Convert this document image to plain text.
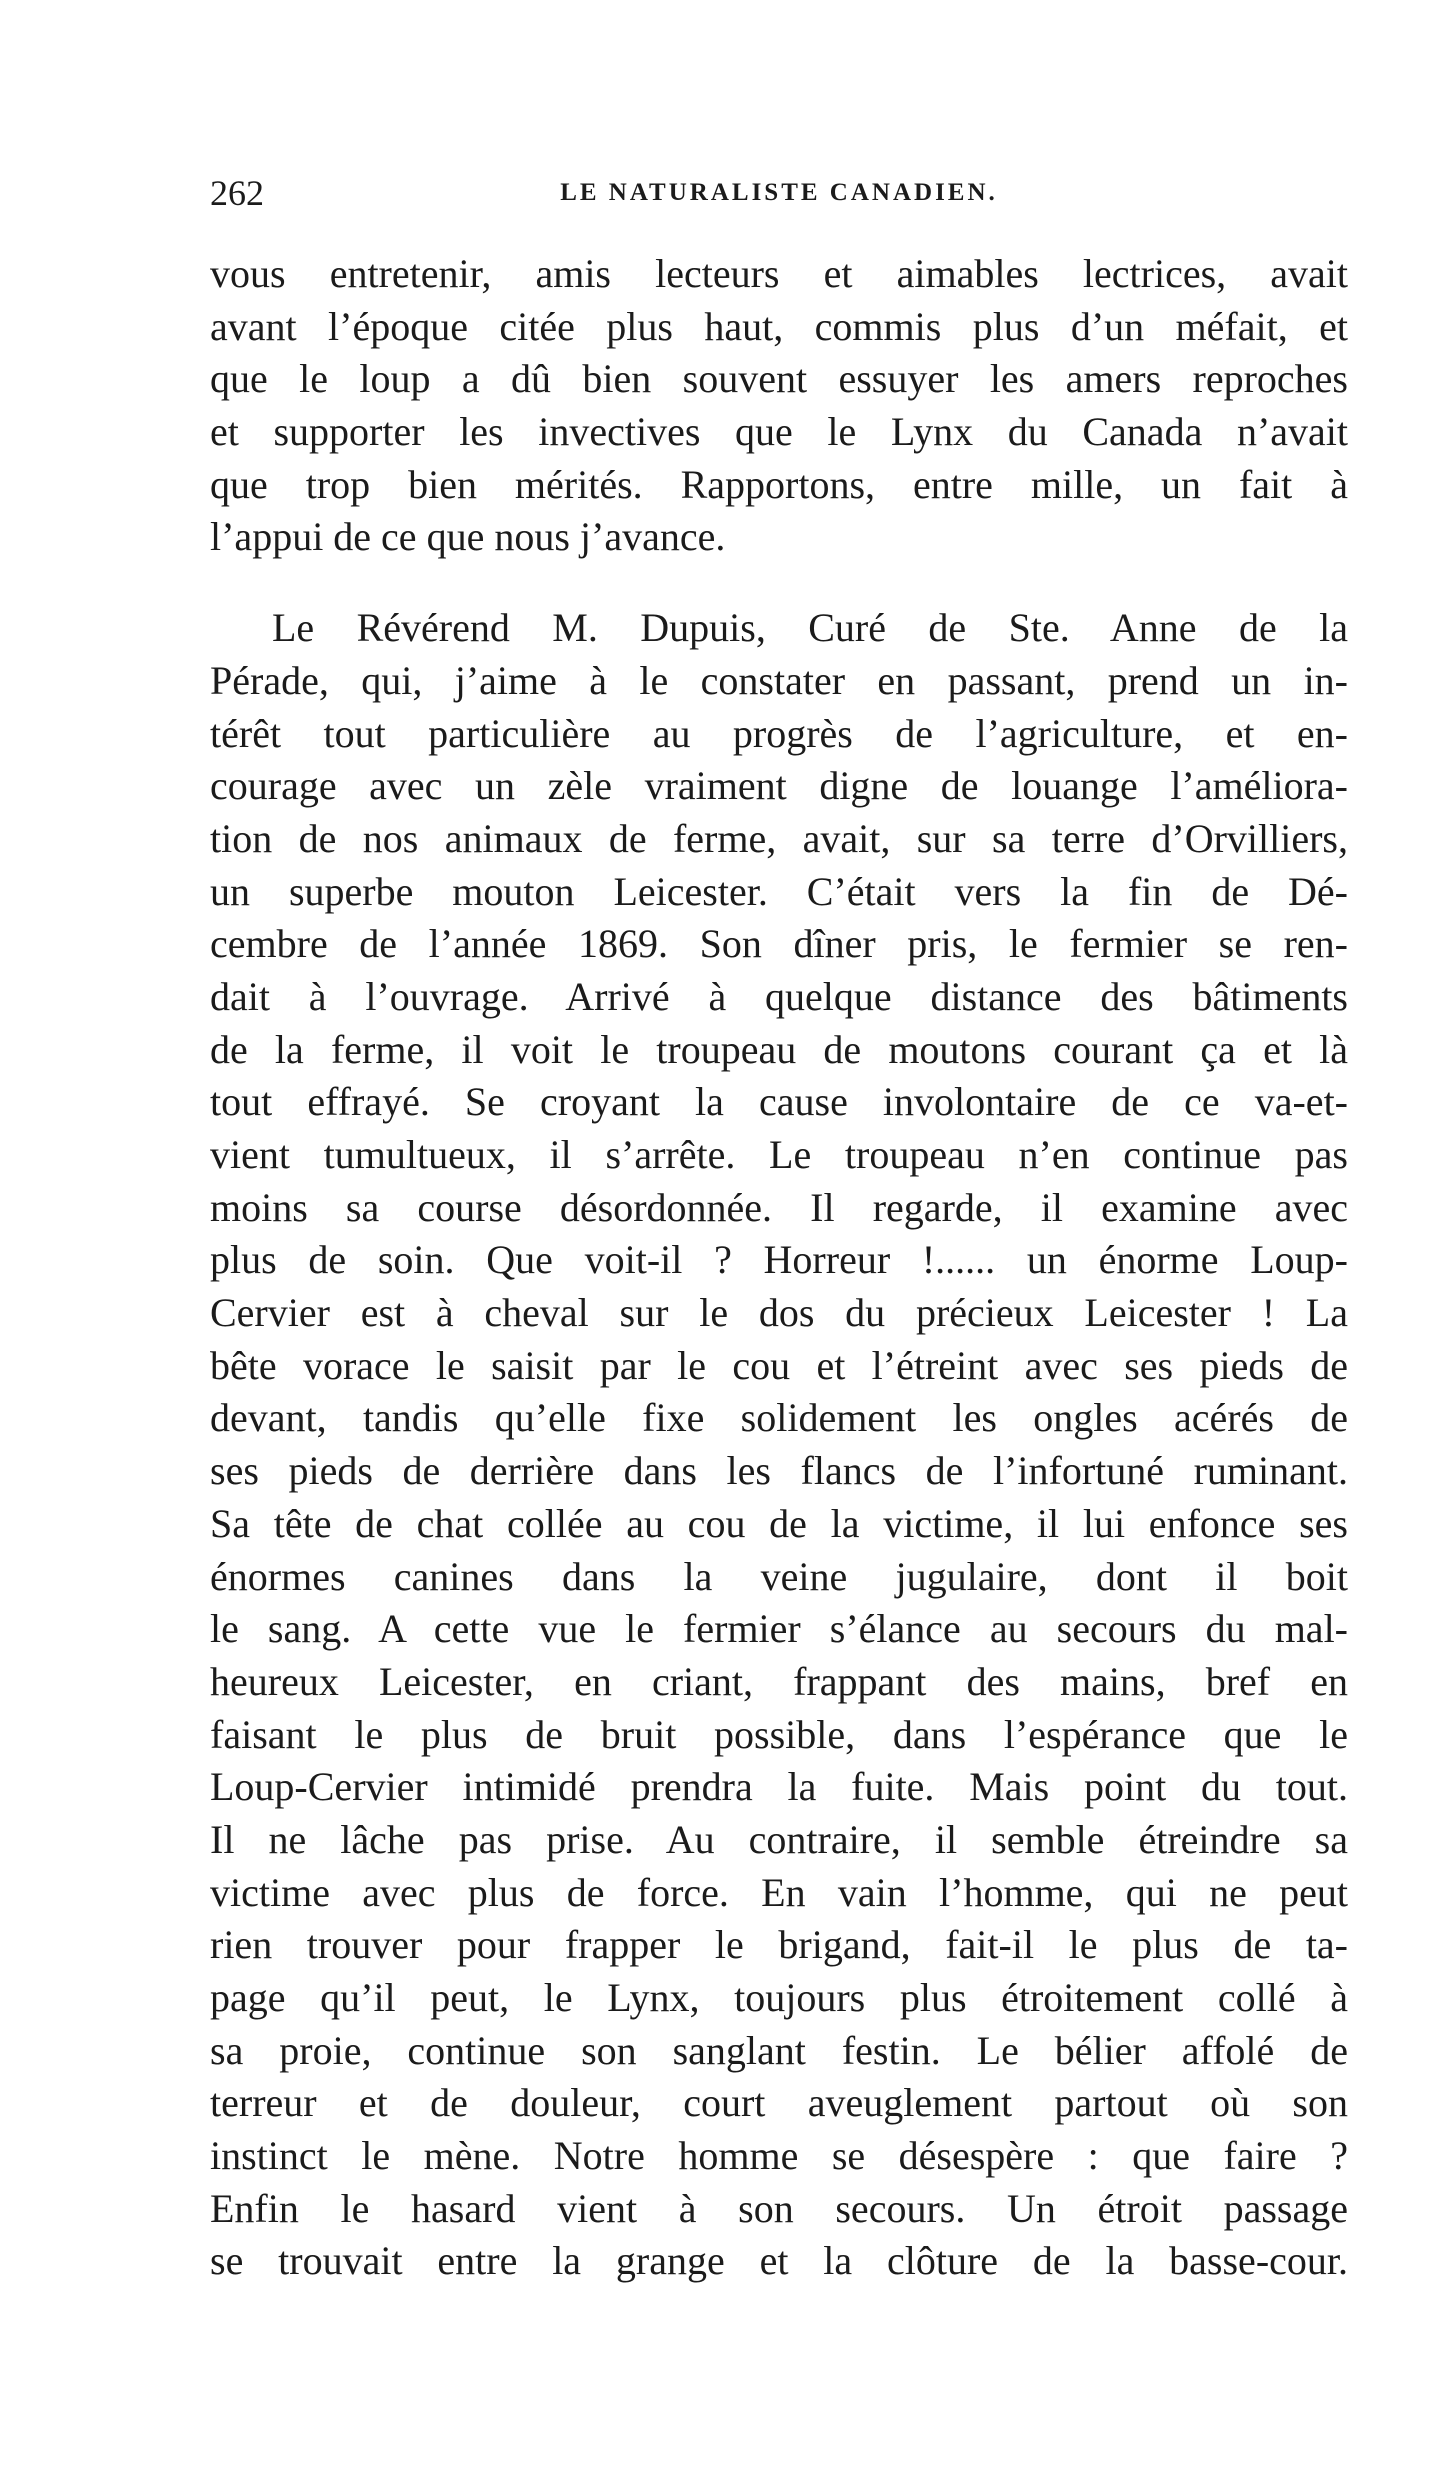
262	LE NATURALISTE CANADIEN.

vous entretenir, amis lecteurs et aimables lectrices, avait
avant l’époque citée plus haut, commis plus d’un méfait, et
que le loup a dû bien souvent essuyer les amers reproches
et supporter les invectives que le Lynx du Canada n’avait
que trop bien mérités. Rapportons, entre mille, un fait à
l’appui de ce que nous j’avance.

Le Révérend M. Dupuis, Curé de Ste. Anne de la
Pérade, qui, j’aime à le constater en passant, prend un in-
térêt tout particulière au progrès de l’agriculture, et en-
courage avec un zèle vraiment digne de louange l’améliora-
tion de nos animaux de ferme, avait, sur sa terre d’Orvilliers,
un superbe mouton Leicester. C’était vers la fin de Dé-
cembre de l’année 1869. Son dîner pris, le fermier se ren-
dait à l’ouvrage. Arrivé à quelque distance des bâtiments
de la ferme, il voit le troupeau de moutons courant ça et là
tout effrayé. Se croyant la cause involontaire de ce va-et-
vient tumultueux, il s’arrête. Le troupeau n’en continue pas
moins sa course désordonnée. Il regarde, il examine avec
plus de soin. Que voit-il ? Horreur !...... un énorme Loup-
Cervier est à cheval sur le dos du précieux Leicester ! La
bête vorace le saisit par le cou et l’étreint avec ses pieds de
devant, tandis qu’elle fixe solidement les ongles acérés de
ses pieds de derrière dans les flancs de l’infortuné ruminant.
Sa tête de chat collée au cou de la victime, il lui enfonce ses
énormes canines dans la veine jugulaire, dont il boit
le sang. A cette vue le fermier s’élance au secours du mal-
heureux Leicester, en criant, frappant des mains, bref en
faisant le plus de bruit possible, dans l’espérance que le
Loup-Cervier intimidé prendra la fuite. Mais point du tout.
Il ne lâche pas prise. Au contraire, il semble étreindre sa
victime avec plus de force. En vain l’homme, qui ne peut
rien trouver pour frapper le brigand, fait-il le plus de ta-
page qu’il peut, le Lynx, toujours plus étroitement collé à
sa proie, continue son sanglant festin. Le bélier affolé de
terreur et de douleur, court aveuglement partout où son
instinct le mène. Notre homme se désespère : que faire ?
Enfin le hasard vient à son secours. Un étroit passage
se trouvait entre la grange et la clôture de la basse-cour.
